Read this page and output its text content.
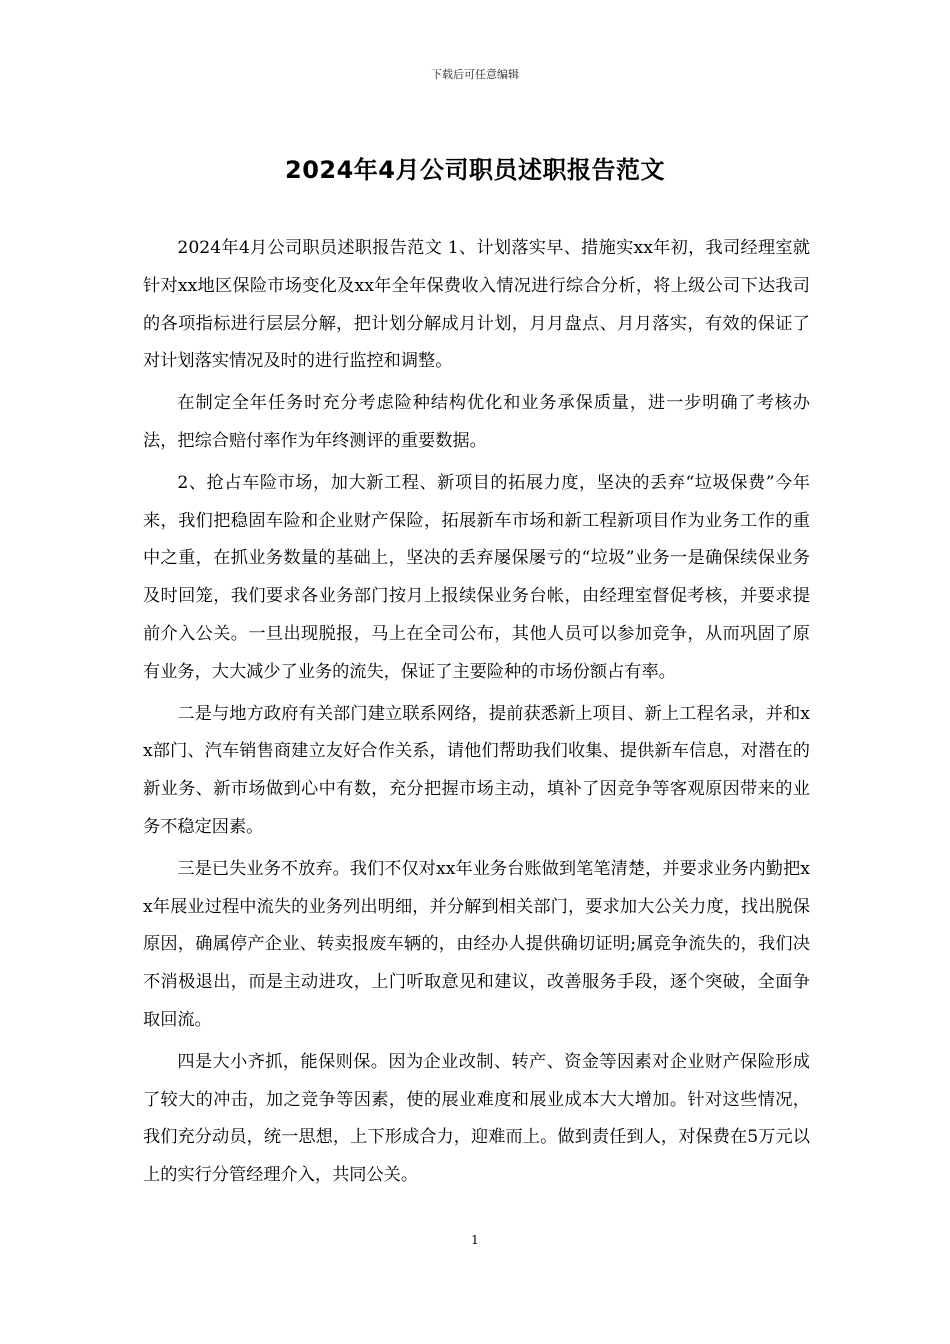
下载后可任意编辑
2024年4月公司职员述职报告范文

2024年4月公司职员述职报告范文 1、计划落实早、措施实xx年初，我司经理室就针对xx地区保险市场变化及xx年全年保费收入情况进行综合分析，将上级公司下达我司的各项指标进行层层分解，把计划分解成月计划，月月盘点、月月落实，有效的保证了对计划落实情况及时的进行监控和调整。

在制定全年任务时充分考虑险种结构优化和业务承保质量，进一步明确了考核办法，把综合赔付率作为年终测评的重要数据。

2、抢占车险市场，加大新工程、新项目的拓展力度，坚决的丢弃“垃圾保费”今年来，我们把稳固车险和企业财产保险，拓展新车市场和新工程新项目作为业务工作的重中之重，在抓业务数量的基础上，坚决的丢弃屡保屡亏的“垃圾”业务一是确保续保业务及时回笼，我们要求各业务部门按月上报续保业务台帐，由经理室督促考核，并要求提前介入公关。一旦出现脱报，马上在全司公布，其他人员可以参加竞争，从而巩固了原有业务，大大减少了业务的流失，保证了主要险种的市场份额占有率。

二是与地方政府有关部门建立联系网络，提前获悉新上项目、新上工程名录，并和xx部门、汽车销售商建立友好合作关系，请他们帮助我们收集、提供新车信息，对潜在的新业务、新市场做到心中有数，充分把握市场主动，填补了因竞争等客观原因带来的业务不稳定因素。

三是已失业务不放弃。我们不仅对xx年业务台账做到笔笔清楚，并要求业务内勤把xx年展业过程中流失的业务列出明细，并分解到相关部门，要求加大公关力度，找出脱保原因，确属停产企业、转卖报废车辆的，由经办人提供确切证明;属竞争流失的，我们决不消极退出，而是主动进攻，上门听取意见和建议，改善服务手段，逐个突破，全面争取回流。

四是大小齐抓，能保则保。因为企业改制、转产、资金等因素对企业财产保险形成了较大的冲击，加之竞争等因素，使的展业难度和展业成本大大增加。针对这些情况，我们充分动员，统一思想，上下形成合力，迎难而上。做到责任到人，对保费在5万元以上的实行分管经理介入，共同公关。

1
